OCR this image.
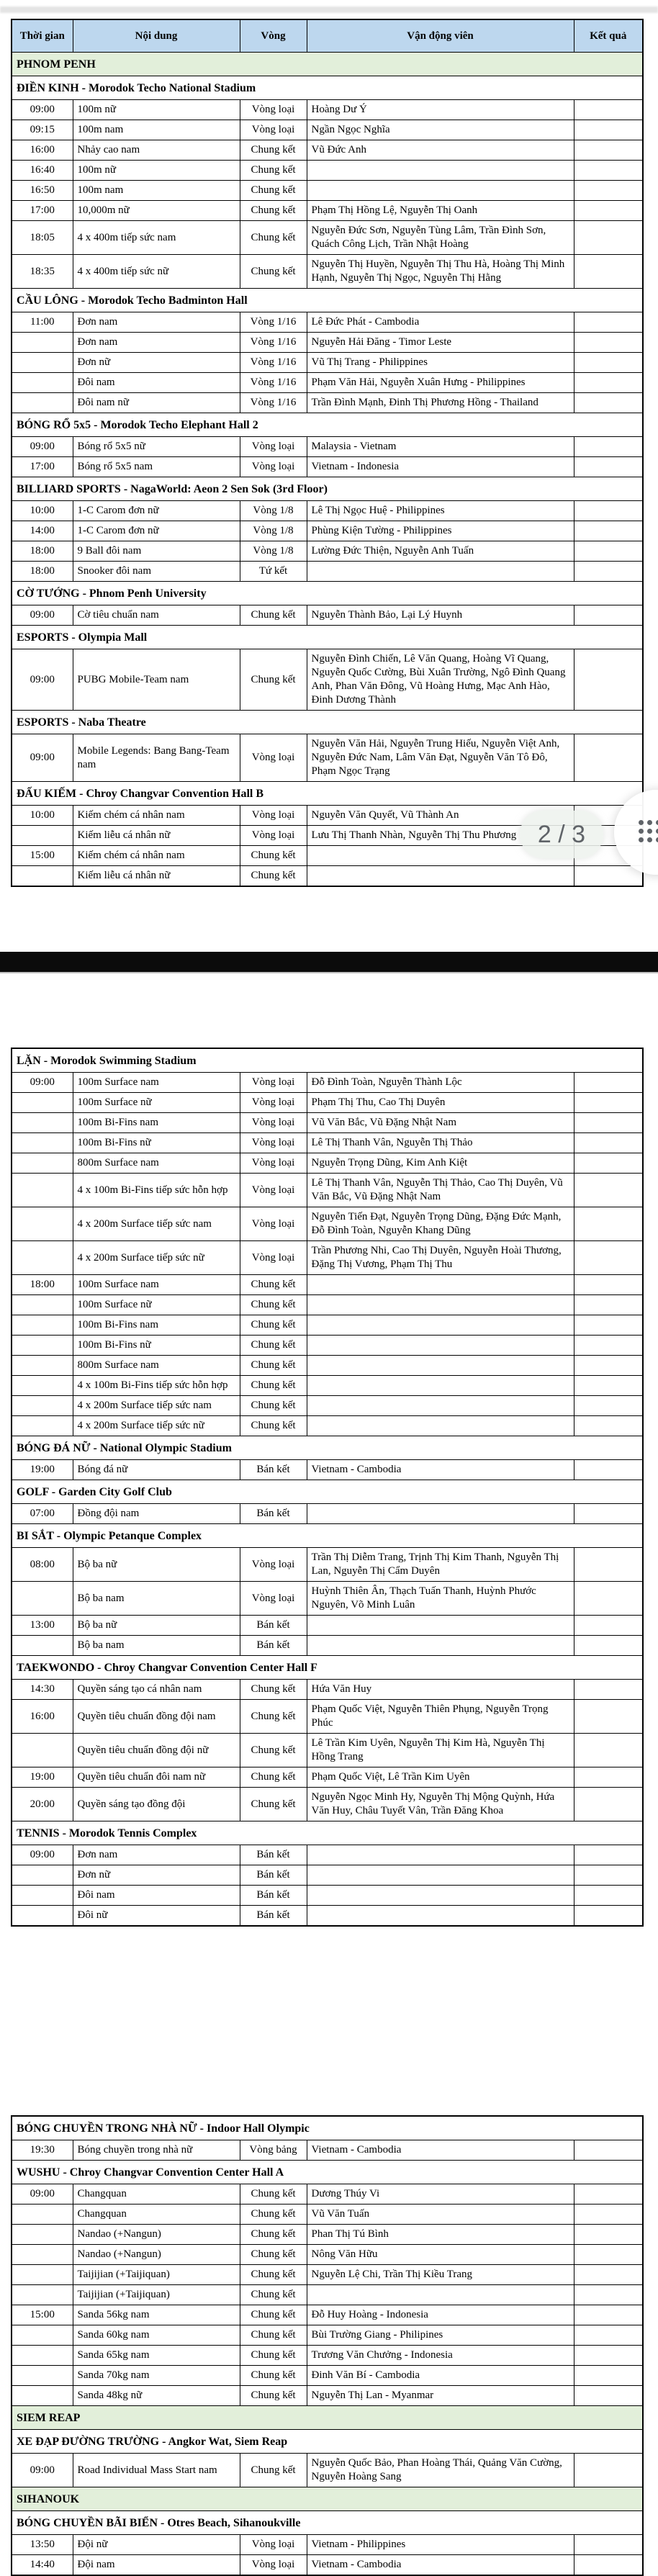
Thời gian	Nội dung	Vòng	Vận động viên	Kết quả
PHNOM PENH				
ĐIỀN KINH - Morodok Techo National Stadium				
09:00	100m nữ	Vòng loại	Hoàng Dư Ý	
09:15	100m nam	Vòng loại	Ngần Ngọc Nghĩa	
16:00	Nhảy cao nam	Chung kết	Vũ Đức Anh	
16:40	100m nữ	Chung kết		
16:50	100m nam	Chung kết		
17:00	10,000m nữ	Chung kết	Phạm Thị Hồng Lệ, Nguyễn Thị Oanh	
18:05	4 x 400m tiếp sức nam	Chung kết	Nguyễn Đức Sơn, Nguyễn Tùng Lâm, Trần Đình Sơn, Quách Công Lịch, Trần Nhật Hoàng	
18:35	4 x 400m tiếp sức nữ	Chung kết	Nguyễn Thị Huyền, Nguyễn Thị Thu Hà, Hoàng Thị Minh Hạnh, Nguyễn Thị Ngọc, Nguyễn Thị Hằng	
CẦU LÔNG - Morodok Techo Badminton Hall				
11:00	Đơn nam	Vòng 1/16	Lê Đức Phát - Cambodia	
	Đơn nam	Vòng 1/16	Nguyễn Hải Đăng - Timor Leste	
	Đơn nữ	Vòng 1/16	Vũ Thị Trang - Philippines	
	Đôi nam	Vòng 1/16	Phạm Văn Hải, Nguyễn Xuân Hưng - Philippines	
	Đôi nam nữ	Vòng 1/16	Trần Đình Mạnh, Đinh Thị Phương Hồng - Thailand	
BÓNG RỔ 5x5 - Morodok Techo Elephant Hall 2				
09:00	Bóng rổ 5x5 nữ	Vòng loại	Malaysia - Vietnam	
17:00	Bóng rổ 5x5 nam	Vòng loại	Vietnam - Indonesia	
BILLIARD SPORTS - NagaWorld: Aeon 2 Sen Sok (3rd Floor)				
10:00	1-C Carom đơn nữ	Vòng 1/8	Lê Thị Ngọc Huệ - Philippines	
14:00	1-C Carom đơn nữ	Vòng 1/8	Phùng Kiện Tường - Philippines	
18:00	9 Ball đôi nam	Vòng 1/8	Lường Đức Thiện, Nguyễn Anh Tuấn	
18:00	Snooker đôi nam	Tứ kết		
CỜ TƯỚNG - Phnom Penh University				
09:00	Cờ tiêu chuẩn nam	Chung kết	Nguyễn Thành Bảo, Lại Lý Huynh	
ESPORTS - Olympia Mall				
09:00	PUBG Mobile-Team nam	Chung kết	Nguyễn Đình Chiến, Lê Văn Quang, Hoàng Vĩ Quang, Nguyễn Quốc Cường, Bùi Xuân Trường, Ngô Đình Quang Anh, Phan Văn Đông, Vũ Hoàng Hưng, Mạc Anh Hào, Đinh Dương Thành	
ESPORTS - Naba Theatre				
09:00	Mobile Legends: Bang Bang-Team nam	Vòng loại	Nguyễn Văn Hải, Nguyễn Trung Hiếu, Nguyễn Việt Anh, Nguyễn Đức Nam, Lâm Văn Đạt, Nguyễn Văn Tô Đô, Phạm Ngọc Trạng	
ĐẤU KIẾM - Chroy Changvar Convention Hall B				
10:00	Kiếm chém cá nhân nam	Vòng loại	Nguyễn Văn Quyết, Vũ Thành An	
	Kiếm liễu cá nhân nữ	Vòng loại	Lưu Thị Thanh Nhàn, Nguyễn Thị Thu Phương	
15:00	Kiếm chém cá nhân nam	Chung kết		
	Kiếm liễu cá nhân nữ	Chung kết		
LẶN - Morodok Swimming Stadium				
09:00	100m Surface nam	Vòng loại	Đỗ Đình Toàn, Nguyễn Thành Lộc	
	100m Surface nữ	Vòng loại	Phạm Thị Thu, Cao Thị Duyên	
	100m Bi-Fins nam	Vòng loại	Vũ Văn Bắc, Vũ Đặng Nhật Nam	
	100m Bi-Fins nữ	Vòng loại	Lê Thị Thanh Vân, Nguyễn Thị Thảo	
	800m Surface nam	Vòng loại	Nguyễn Trọng Dũng, Kim Anh Kiệt	
	4 x 100m Bi-Fins tiếp sức hỗn hợp	Vòng loại	Lê Thị Thanh Vân, Nguyễn Thị Thảo, Cao Thị Duyên, Vũ Văn Bắc, Vũ Đặng Nhật Nam	
	4 x 200m Surface tiếp sức nam	Vòng loại	Nguyễn Tiến Đạt, Nguyễn Trọng Dũng, Đặng Đức Mạnh, Đỗ Đình Toàn, Nguyễn Khang Dũng	
	4 x 200m Surface tiếp sức nữ	Vòng loại	Trần Phương Nhi, Cao Thị Duyên, Nguyễn Hoài Thương, Đặng Thị Vương, Phạm Thị Thu	
18:00	100m Surface nam	Chung kết		
	100m Surface nữ	Chung kết		
	100m Bi-Fins nam	Chung kết		
	100m Bi-Fins nữ	Chung kết		
	800m Surface nam	Chung kết		
	4 x 100m Bi-Fins tiếp sức hỗn hợp	Chung kết		
	4 x 200m Surface tiếp sức nam	Chung kết		
	4 x 200m Surface tiếp sức nữ	Chung kết		
BÓNG ĐÁ NỮ - National Olympic Stadium				
19:00	Bóng đá nữ	Bán kết	Vietnam - Cambodia	
GOLF - Garden City Golf Club				
07:00	Đồng đội nam	Bán kết		
BI SẮT - Olympic Petanque Complex				
08:00	Bộ ba nữ	Vòng loại	Trần Thị Diễm Trang, Trịnh Thị Kim Thanh, Nguyễn Thị Lan, Nguyễn Thị Cẩm Duyên	
	Bộ ba nam	Vòng loại	Huỳnh Thiên Ân, Thạch Tuấn Thanh, Huỳnh Phước Nguyên, Võ Minh Luân	
13:00	Bộ ba nữ	Bán kết		
	Bộ ba nam	Bán kết		
TAEKWONDO - Chroy Changvar Convention Center Hall F				
14:30	Quyền sáng tạo cá nhân nam	Chung kết	Hứa Văn Huy	
16:00	Quyền tiêu chuẩn đồng đội nam	Chung kết	Phạm Quốc Việt, Nguyễn Thiên Phụng, Nguyễn Trọng Phúc	
	Quyền tiêu chuẩn đồng đội nữ	Chung kết	Lê Trần Kim Uyên, Nguyễn Thị Kim Hà, Nguyễn Thị Hồng Trang	
19:00	Quyền tiêu chuẩn đôi nam nữ	Chung kết	Phạm Quốc Việt, Lê Trần Kim Uyên	
20:00	Quyền sáng tạo đồng đội	Chung kết	Nguyễn Ngọc Minh Hy, Nguyễn Thị Mộng Quỳnh, Hứa Văn Huy, Châu Tuyết Vân, Trần Đăng Khoa	
TENNIS - Morodok Tennis Complex				
09:00	Đơn nam	Bán kết		
	Đơn nữ	Bán kết		
	Đôi nam	Bán kết		
	Đôi nữ	Bán kết		
BÓNG CHUYỀN TRONG NHÀ NỮ - Indoor Hall Olympic				
19:30	Bóng chuyền trong nhà nữ	Vòng bảng	Vietnam - Cambodia	
WUSHU - Chroy Changvar Convention Center Hall A				
09:00	Changquan	Chung kết	Dương Thúy Vi	
	Changquan	Chung kết	Vũ Văn Tuấn	
	Nandao (+Nangun)	Chung kết	Phan Thị Tú Bình	
	Nandao (+Nangun)	Chung kết	Nông Văn Hữu	
	Taijijian (+Taijiquan)	Chung kết	Nguyễn Lệ Chi, Trần Thị Kiều Trang	
	Taijijian (+Taijiquan)	Chung kết		
15:00	Sanda 56kg nam	Chung kết	Đỗ Huy Hoàng - Indonesia	
	Sanda 60kg nam	Chung kết	Bùi Trường Giang - Philipines	
	Sanda 65kg nam	Chung kết	Trương Văn Chưởng - Indonesia	
	Sanda 70kg nam	Chung kết	Đinh Văn Bí - Cambodia	
	Sanda 48kg nữ	Chung kết	Nguyễn Thị Lan - Myanmar	
SIEM REAP				
XE ĐẠP ĐƯỜNG TRƯỜNG - Angkor Wat, Siem Reap				
09:00	Road Individual Mass Start nam	Chung kết	Nguyễn Quốc Bảo, Phan Hoàng Thái, Quảng Văn Cường, Nguyễn Hoàng Sang	
SIHANOUK				
BÓNG CHUYỀN BÃI BIỂN - Otres Beach, Sihanoukville				
13:50	Đội nữ	Vòng loại	Vietnam - Philippines	
14:40	Đội nam	Vòng loại	Vietnam - Cambodia	
2 / 3
